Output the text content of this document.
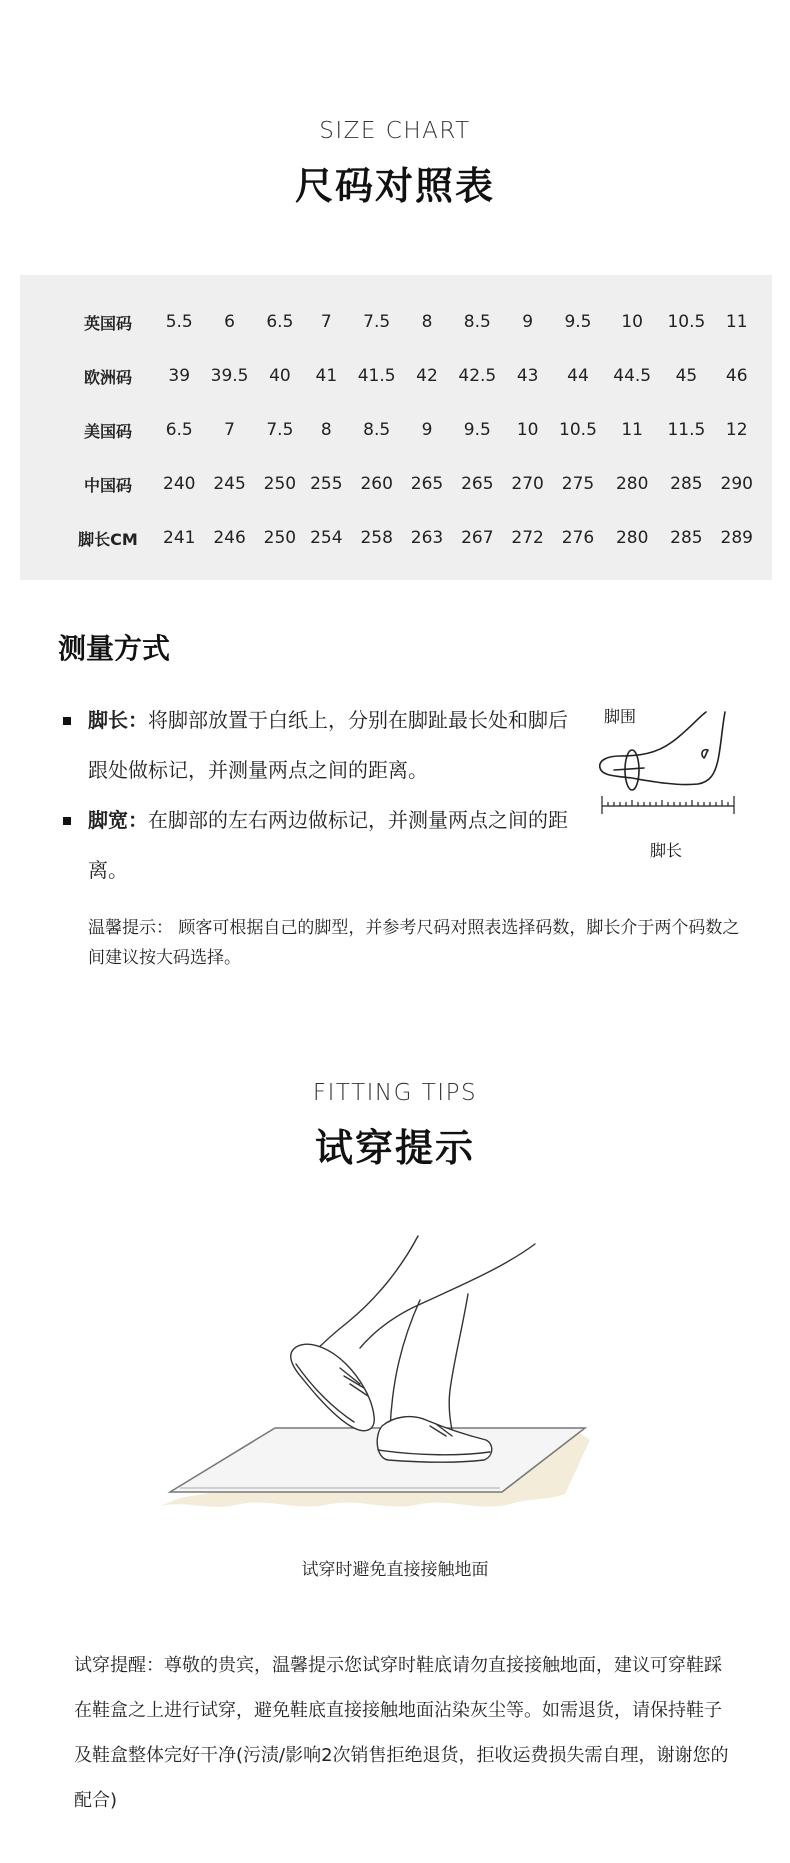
SIZE CHART
尺码对照表
英国码	5.5	6	6.5	7	7.5	8	8.5	9	9.5	10	10.5	11
欧洲码	39	39.5	40	41	41.5	42	42.5	43	44	44.5	45	46
美国码	6.5	7	7.5	8	8.5	9	9.5	10	10.5	11	11.5	12
中国码	240	245	250	255	260	265	265	270	275	280	285	290
脚长CM	241	246	250	254	258	263	267	272	276	280	285	289
测量方式
脚长：将脚部放置于白纸上，分别在脚趾最长处和脚后跟处做标记，并测量两点之间的距离。
脚宽：在脚部的左右两边做标记，并测量两点之间的距离。
脚围
脚长
温馨提示： 顾客可根据自己的脚型，并参考尺码对照表选择码数，脚长介于两个码数之间建议按大码选择。
FITTING TIPS
试穿提示
试穿时避免直接接触地面
试穿提醒：尊敬的贵宾，温馨提示您试穿时鞋底请勿直接接触地面，建议可穿鞋踩在鞋盒之上进行试穿，避免鞋底直接接触地面沾染灰尘等。如需退货，请保持鞋子及鞋盒整体完好干净(污渍/影响2次销售拒绝退货，拒收运费损失需自理，谢谢您的配合)
